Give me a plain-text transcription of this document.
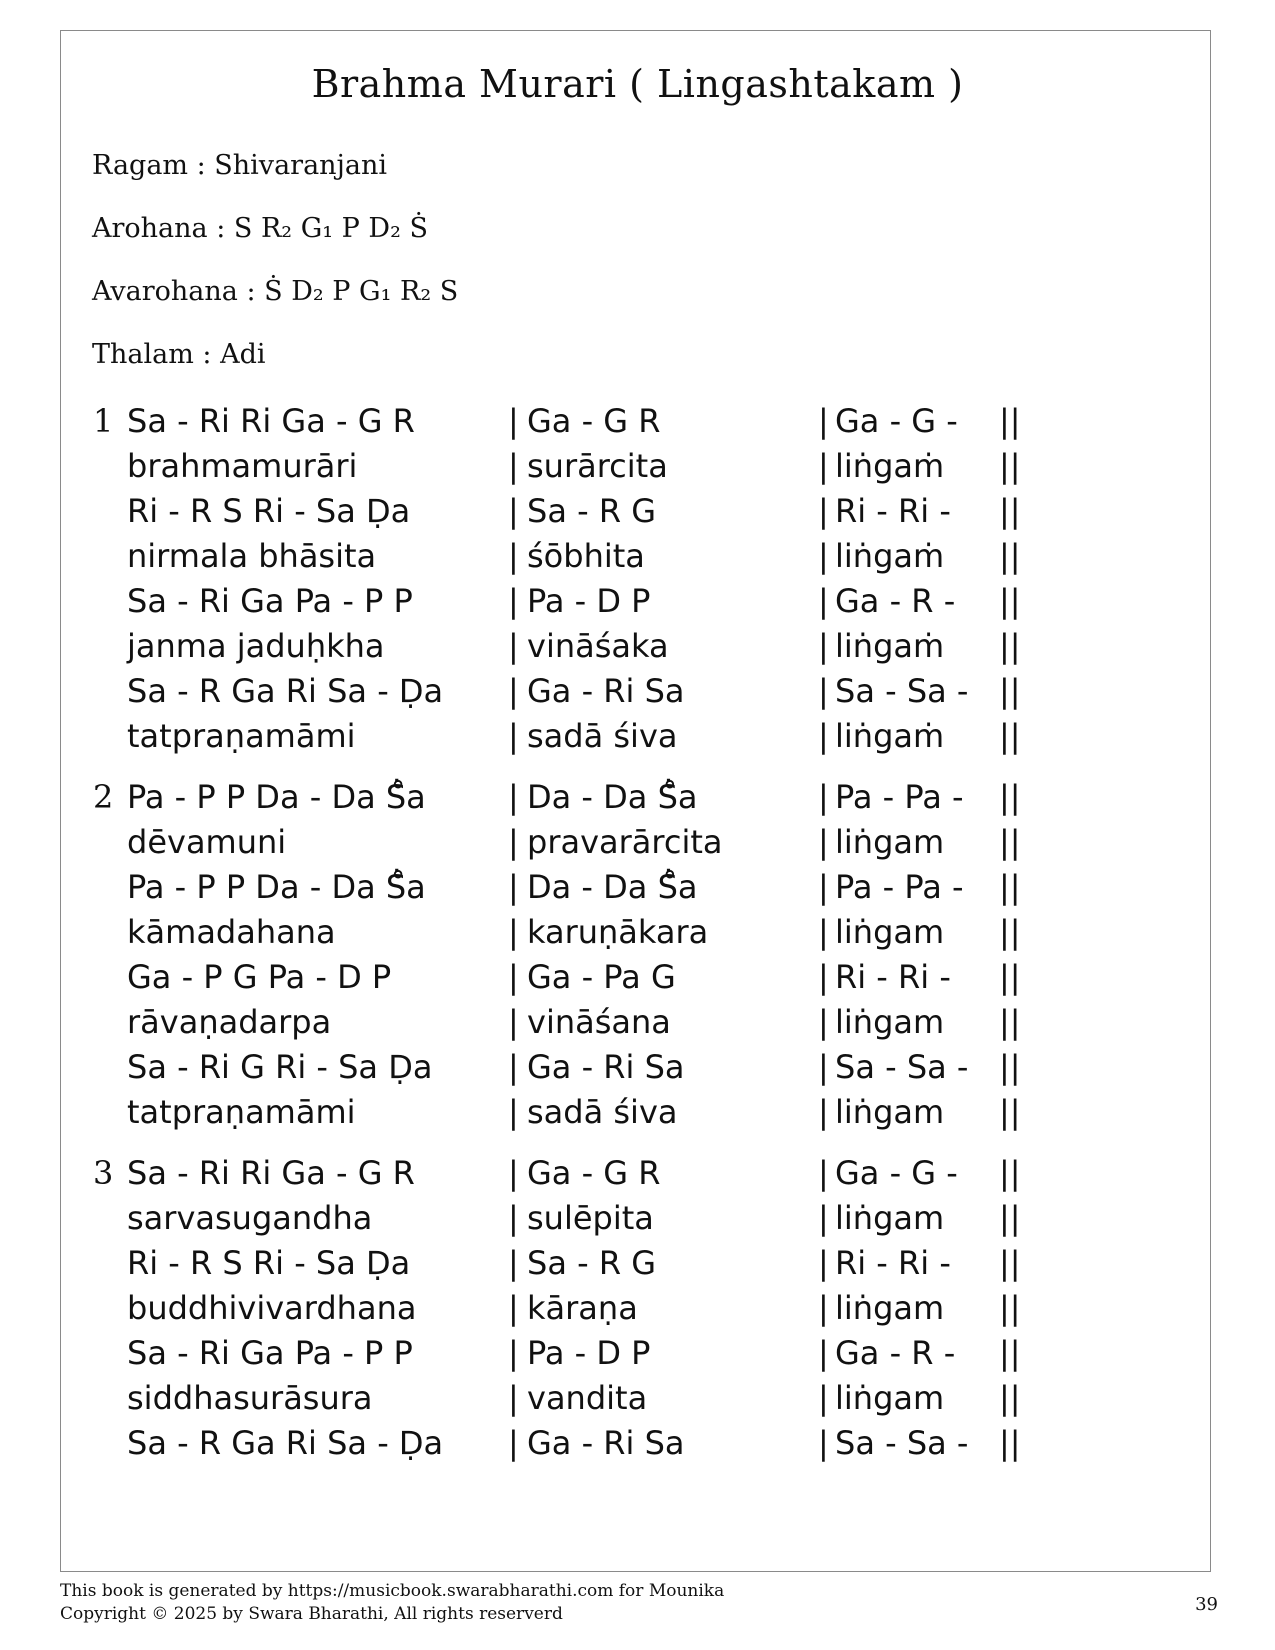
Brahma Murari ( Lingashtakam )
Ragam : Shivaranjani
Arohana : S R₂ G₁ P D₂ Ṡ
Avarohana : Ṡ D₂ P G₁ R₂ S
Thalam : Adi
1 Sa - Ri Ri Ga - G R	| Ga - G R	| Ga - G - ||
brahmamurāri	| surārcita	| liṅgaṁ ||
Ri - R S Ri - Sa Ḍa	| Sa - R G	| Ri - Ri - ||
nirmala bhāsita	| śōbhita	| liṅgaṁ ||
Sa - Ri Ga Pa - P P	| Pa - D P	| Ga - R - ||
janma jaduḥkha	| vināśaka	| liṅgaṁ ||
Sa - R Ga Ri Sa - Ḍa | Ga - Ri Sa	| Sa - Sa - ||
tatpraṇamāmi	| sadā śiva	| liṅgaṁ ||
2 Pa - P P Da - Da Ṡ̊a	| Da - Da Ṡ̊a	| Pa - Pa - ||
dēvamuni	| pravarārcita	| liṅgam ||
Pa - P P Da - Da Ṡ̊a	| Da - Da Ṡ̊a	| Pa - Pa - ||
kāmadahana	| karuṇākara	| liṅgam ||
Ga - P G Pa - D P	| Ga - Pa G	| Ri - Ri - ||
rāvaṇadarpa	| vināśana	| liṅgam ||
Sa - Ri G Ri - Sa Ḍa | Ga - Ri Sa	| Sa - Sa - ||
tatpraṇamāmi	| sadā śiva	| liṅgam ||
3 Sa - Ri Ri Ga - G R	| Ga - G R	| Ga - G - ||
sarvasugandha	| sulēpita	| liṅgam ||
Ri - R S Ri - Sa Ḍa	| Sa - R G	| Ri - Ri - ||
buddhivivardhana	| kāraṇa	| liṅgam ||
Sa - Ri Ga Pa - P P	| Pa - D P	| Ga - R - ||
siddhasurāsura	| vandita	| liṅgam ||
Sa - R Ga Ri Sa - Ḍa | Ga - Ri Sa	| Sa - Sa - ||
This book is generated by https://musicbook.swarabharathi.com for Mounika
Copyright © 2025 by Swara Bharathi, All rights reserverd	39
